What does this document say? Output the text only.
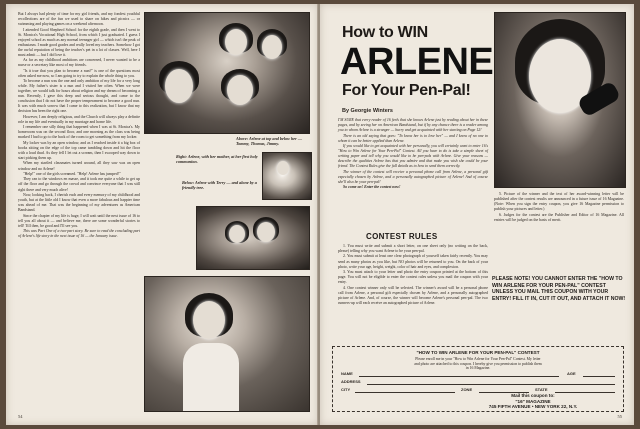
But I always had plenty of time for my girl friends, and my fondest youthful recollections are of the fun we used to share on hikes and picnics — or swimming and playing games on a weekend afternoon.

I attended Good Shepherd School for the eighth grade, and then I went to St. Monica's Vocational High School, from which I just graduated. I guess I enjoyed school as much as any normal teenager girl — which isn't the peak of enthusiasm. I made good grades and really loved my teachers. Somehow I got the awful reputation of being the teacher's pet in a lot of classes. Well, here I must admit — but I did love it.

As far as my childhood ambitions are concerned, I never wanted to be a nurse or a secretary like most of my friends.

"Is it true that you plan to become a nun?" is one of the questions most often asked me now, so I am going to try to explain the whole thing to you.

To become a nun was the one and only ambition of my life for a very long while. My father's sister is a nun and I visited her often. When we were together, we would talk for hours about religion and my dream of becoming a nun. Recently, I gave this deep and serious thought, and came to the conclusion that I do not have the proper temperament to become a good nun. It was with much sorrow that I came to this realization, but I know that my decision has been the right one.

However, I am deeply religious, and the Church will always play a definite role in my life and eventually in my marriage and home life.

I remember one silly thing that happened when I was at St. Monica's. My homeroom was on the second floor, and one morning as the class was being marked I had to go to the back of the room to get something from my locker.

My locker was by an open window, and as I reached inside it a big box of books sitting on the edge of the top came tumbling down and hit the floor with a loud thud. As they fell I let out a scream, then I swooped way down to start picking them up.

When my startled classmates turned around, all they saw was an open window and no Arlene!

"Help!" one of the girls screamed. "Help! Arlene has jumped!"

They ran to the windows en masse, and it took me quite a while to get up off the floor and go through the crowd and convince everyone that I was still right there and very much alive!

Now, looking back, I cherish each and every memory of my childhood and youth, but at the little old I know that even a more fabulous and happier time was ahead of me. That was the beginning of my adventures as American Bandstand.

Since the chapter of my life is huge, I will wait until the next issue of 16 to tell you all about it — and believe me, there are some wonderful stories to tell! Till then, be good and I'll see you.

This was Part One of a two-part story. Be sure to read the concluding part of Arlene's life story in the next issue of 16 — the January issue.

Above: Arlene at top and below her — Tommy, Thomas, Jimmy.
Right: Arlene, with her mother, at her first holy communion.
Below: Arlene with Terry — and alone by a friendly tree.
54
How to WIN
ARLENE
For Your Pen-Pal!
By Georgie Winters

I'M SURE that every reader of 16 feels that she knows Arlene just by reading about her in these pages, and by seeing her on American Bandstand, but if by any chance there is a reader among you to whom Arlene is a stranger — hurry and get acquainted with her starting on Page 12!

There is an old saying that goes: "To know her is to love her" — and I know of no one to whom it can be better applied than Arlene.

If you would like to get acquainted with her personally, you will certainly want to enter 16's "How to Win Arlene for Your Pen-Pal" Contest. All you have to do is take a simple sheet of writing paper and tell why you would like to be pen-pals with Arlene. Give your reasons — describe the qualities Arlene has that you admire and that make you wish she could be your friend. The Contest Rules give the full details as to how to send them correctly.

The winner of the contest will receive a personal phone call from Arlene, a personal gift especially chosen by Arlene, and a personally autographed picture of Arlene! And of course she'll also be your pen-pal!

So come on! Enter the contest now!

CONTEST RULES

1. You must write and submit a short letter, on one sheet only (no writing on the back, please) telling why you want Arlene to be your pen-pal.

2. You must submit at least one clear photograph of yourself taken fairly recently. You may send as many photos as you like, but NO photos will be returned to you. On the back of your photo, write your age, height, weight, color of hair and eyes, and complexion.

3. You must attach to your letter and photo the entry coupon printed at the bottom of this page. You will not be eligible to enter the contest rules unless you mail the coupon with your entry.

4. One contest winner only will be selected. The winner's award will be a personal phone call from Arlene, a personal gift especially chosen by Arlene, and a personally autographed picture of Arlene. And, of course, the winner will become Arlene's personal pen-pal. The two runners-up will each receive an autographed picture of Arlene.

5. Picture of the winner and the text of her award-winning letter will be published after the contest results are announced in a future issue of 16 Magazine. (Note: When you sign the entry coupon, you give 16 Magazine permission to publish your pictures and letter.)

6. Judges for the contest are the Publisher and Editor of 16 Magazine. All entries will be judged on the basis of merit.

PLEASE NOTE! YOU CANNOT ENTER THE "HOW TO WIN ARLENE FOR YOUR PEN-PAL" CONTEST UNLESS YOU MAIL THIS COUPON WITH YOUR ENTRY! FILL IT IN, CUT IT OUT, AND ATTACH IT NOW!
"HOW TO WIN ARLENE FOR YOUR PEN-PAL" CONTEST
Please enroll me in your "How to Win Arlene for Your Pen-Pal" Contest. My letter and photo are attached to this coupon. I hereby give you permission to publish them in 16 Magazine.
NAME	AGE
ADDRESS
CITY	ZONE	STATE
Mail this coupon to:
"16" MAGAZINE
745 FIFTH AVENUE • NEW YORK 22, N.Y.
55
